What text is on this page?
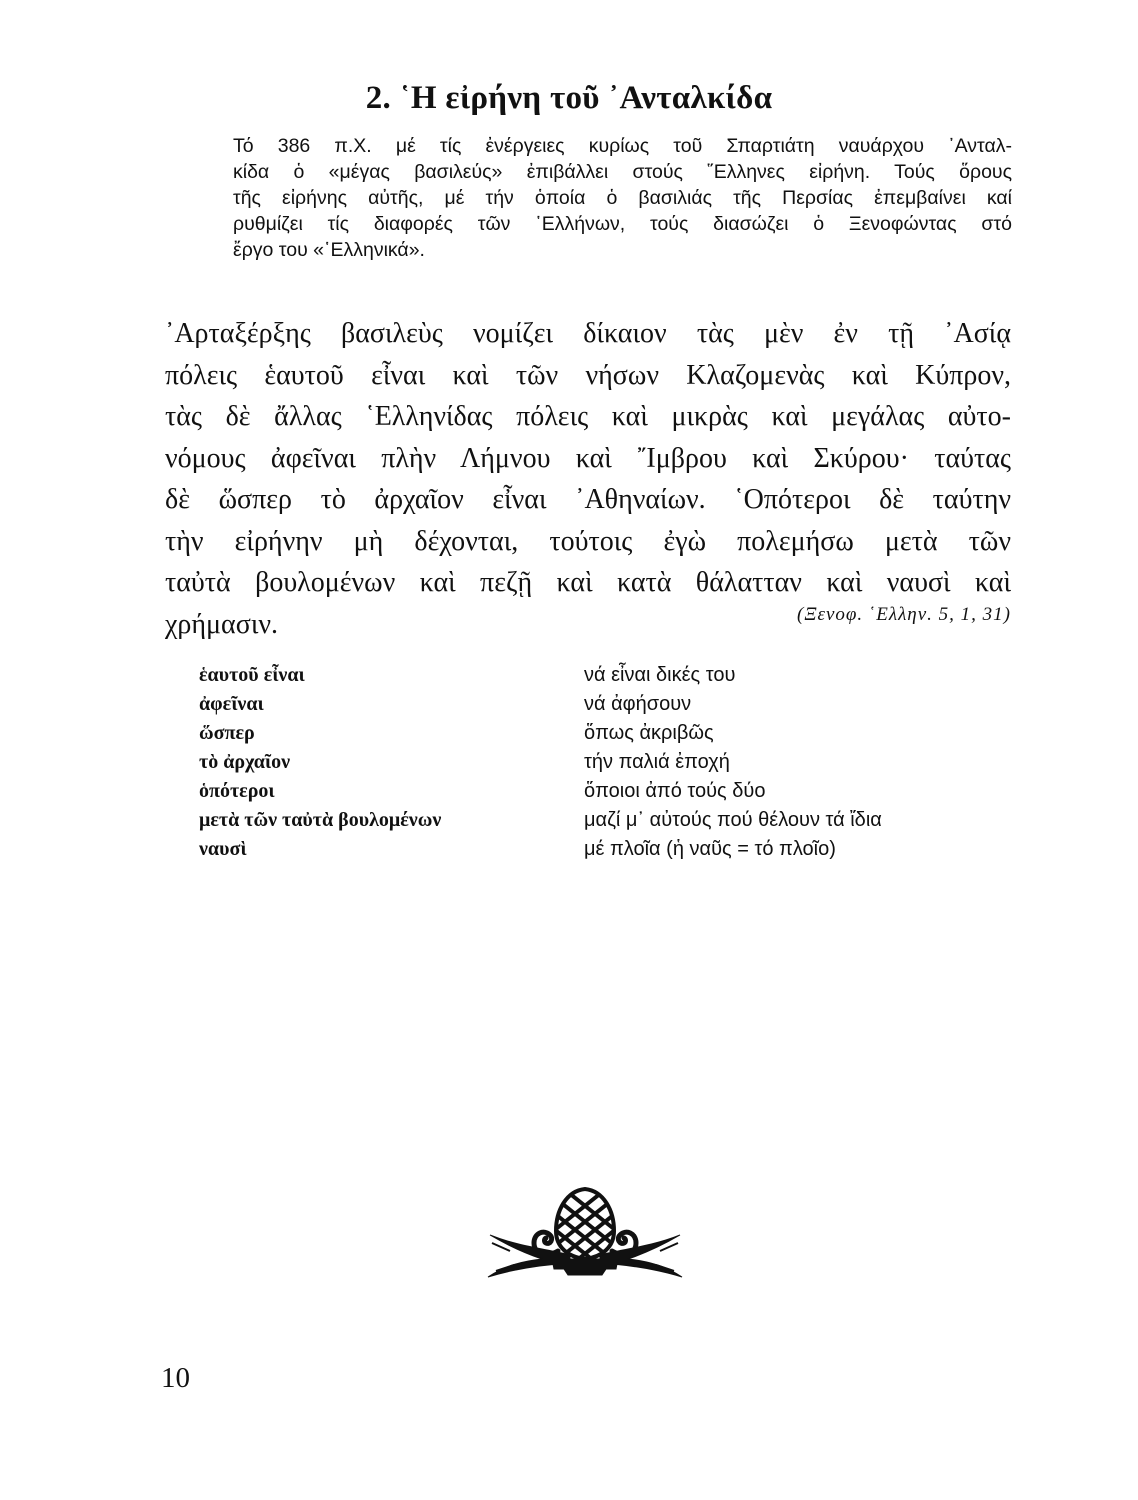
2. ῾Η εἰρήνη τοῦ ᾿Ανταλκίδα
Τό 386 π.Χ. μέ τίς ἐνέργειες κυρίως τοῦ Σπαρτιάτη ναυάρχου ᾿Ανταλ-
κίδα ὁ «μέγας βασιλεύς» ἐπιβάλλει στούς ῞Ελληνες εἰρήνη. Τούς ὅρους
τῆς εἰρήνης αὐτῆς, μέ τήν ὁποία ὁ βασιλιάς τῆς Περσίας ἐπεμβαίνει καί
ρυθμίζει τίς διαφορές τῶν ῾Ελλήνων, τούς διασώζει ὁ Ξενοφώντας στό
ἔργο του «῾Ελληνικά».
᾿Αρταξέρξης βασιλεὺς νομίζει δίκαιον τὰς μὲν ἐν τῇ ᾿Ασίᾳ
πόλεις ἑαυτοῦ εἶναι καὶ τῶν νήσων Κλαζομενὰς καὶ Κύπρον,
τὰς δὲ ἄλλας ῾Ελληνίδας πόλεις καὶ μικρὰς καὶ μεγάλας αὐτο-
νόμους ἀφεῖναι πλὴν Λήμνου καὶ ῎Ιμβρου καὶ Σκύρου· ταύτας
δὲ ὥσπερ τὸ ἀρχαῖον εἶναι ᾿Αθηναίων. ῾Οπότεροι δὲ ταύτην
τὴν εἰρήνην μὴ δέχονται, τούτοις ἐγὼ πολεμήσω μετὰ τῶν
ταὐτὰ βουλομένων καὶ πεζῇ καὶ κατὰ θάλατταν καὶ ναυσὶ καὶ
χρήμασιν.	(Ξενοφ. ῾Ελλην. 5, 1, 31)
ἑαυτοῦ εἶναι	νά εἶναι δικές του
ἀφεῖναι	νά ἀφήσουν
ὥσπερ	ὅπως ἀκριβῶς
τὸ ἀρχαῖον	τήν παλιά ἐποχή
ὁπότεροι	ὅποιοι ἀπό τούς δύο
μετὰ τῶν ταὐτὰ βουλομένων	μαζί μ᾿ αὐτούς πού θέλουν τά ἴδια
ναυσὶ	μέ πλοῖα (ἡ ναῦς = τό πλοῖο)
10
